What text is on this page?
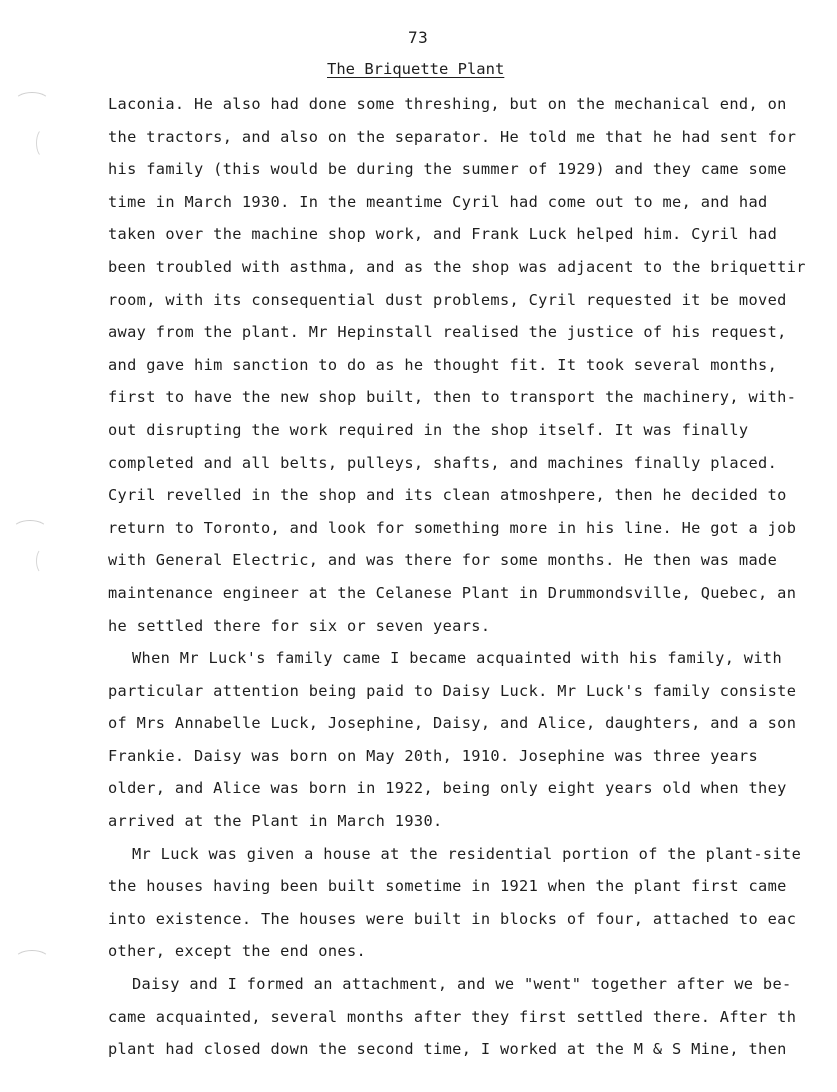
73
The Briquette Plant
Laconia. He also had done some threshing, but on the mechanical end, on
the tractors, and also on the separator. He told me that he had sent for
his family (this would be during the summer of 1929) and they came some
time in March 1930. In the meantime Cyril had come out to me, and had
taken over the machine shop work, and Frank Luck helped him. Cyril had
been troubled with asthma, and as the shop was adjacent to the briquettir
room, with its consequential dust problems, Cyril requested it be moved
away from the plant. Mr Hepinstall realised the justice of his request,
and gave him sanction to do as he thought fit. It took several months,
first to have the new shop built, then to transport the machinery, with-
out disrupting the work required in the shop itself. It was finally
completed and all belts, pulleys, shafts, and machines finally placed.
Cyril revelled in the shop and its clean atmoshpere, then he decided to
return to Toronto, and look for something more in his line. He got a job
with General Electric, and was there for some months. He then was made
maintenance engineer at the Celanese Plant in Drummondsville, Quebec, an
he settled there for six or seven years.
When Mr Luck's family came I became acquainted with his family, with
particular attention being paid to Daisy Luck. Mr Luck's family consiste
of Mrs Annabelle Luck, Josephine, Daisy, and Alice, daughters, and a son
Frankie. Daisy was born on May 20th, 1910. Josephine was three years
older, and Alice was born in 1922, being only eight years old when they
arrived at the Plant in March 1930.
Mr Luck was given a house at the residential portion of the plant-site
the houses having been built sometime in 1921 when the plant first came
into existence. The houses were built in blocks of four, attached to eac
other, except the end ones.
Daisy and I formed an attachment, and we "went" together after we be-
came acquainted, several months after they first settled there. After th
plant had closed down the second time, I worked at the M & S Mine, then
